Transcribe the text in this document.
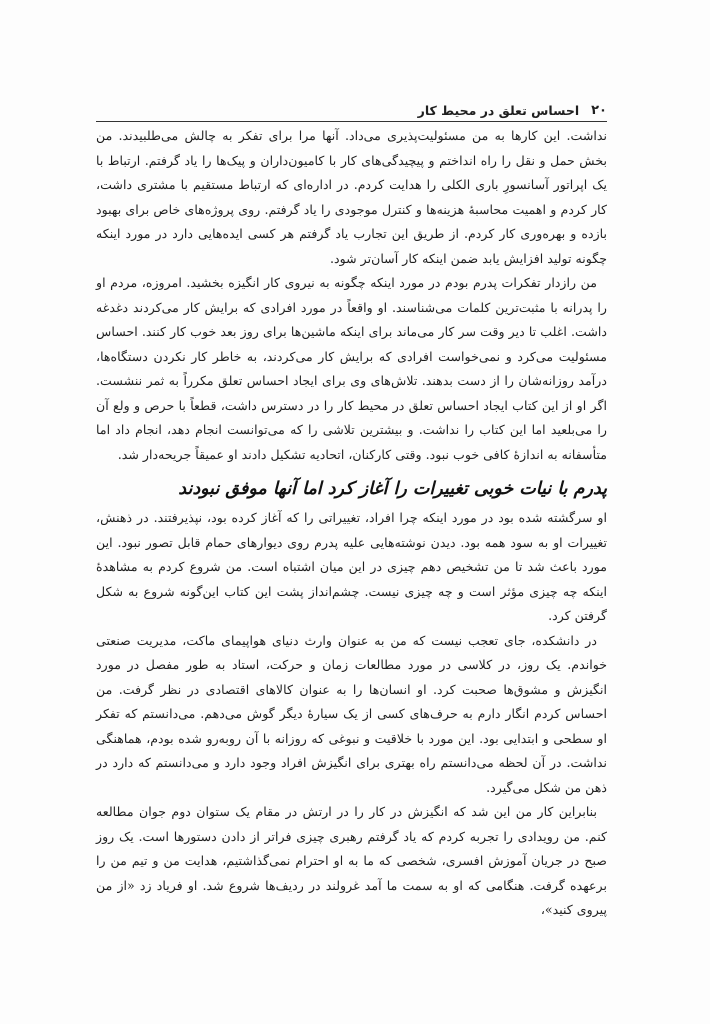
۲۰
احساس تعلق در محیط کار

نداشت. این کارها به من مسئولیت‌پذیری می‌داد. آنها مرا برای تفکر به چالش می‌طلبیدند. من بخش حمل و نقل را راه انداختم و پیچیدگی‌های کار با کامیون‌داران و پیک‌ها را یاد گرفتم. ارتباط با یک اپراتور آسانسورِ باری الکلی را هدایت کردم. در اداره‌ای که ارتباط مستقیم با مشتری داشت، کار کردم و اهمیت محاسبهٔ هزینه‌ها و کنترل موجودی را یاد گرفتم. روی پروژه‌های خاص برای بهبود بازده و بهره‌وری کار کردم. از طریق این تجارب یاد گرفتم هر کسی ایده‌هایی دارد در مورد اینکه چگونه تولید افزایش یابد ضمن اینکه کار آسان‌تر شود.

من رازدار تفکرات پدرم بودم در مورد اینکه چگونه به نیروی کار انگیزه بخشید. امروزه، مردم او را پدرانه با مثبت‌ترین کلمات می‌شناسند. او واقعاً در مورد افرادی که برایش کار می‌کردند دغدغه داشت. اغلب تا دیر وقت سر کار می‌ماند برای اینکه ماشین‌ها برای روز بعد خوب کار کنند. احساس مسئولیت می‌کرد و نمی‌خواست افرادی که برایش کار می‌کردند، به خاطر کار نکردن دستگاه‌ها، درآمد روزانه‌شان را از دست بدهند. تلاش‌های وی برای ایجاد احساس تعلق مکرراً به ثمر ننشست. اگر او از این کتاب ایجاد احساس تعلق در محیط کار را در دسترس داشت، قطعاً با حرص و ولع آن را می‌بلعید اما این کتاب را نداشت. و بیشترین تلاشی را که می‌توانست انجام دهد، انجام داد اما متأسفانه به اندازهٔ کافی خوب نبود. وقتی کارکنان، اتحادیه تشکیل دادند او عمیقاً جریحه‌دار شد.

پدرم با نیات خوبی تغییرات را آغاز کرد اما آنها موفق نبودند

او سرگشته شده بود در مورد اینکه چرا افراد، تغییراتی را که آغاز کرده بود، نپذیرفتند. در ذهنش، تغییرات او به سود همه بود. دیدن نوشته‌هایی علیه پدرم روی دیوارهای حمام قابل تصور نبود. این مورد باعث شد تا من تشخیص دهم چیزی در این میان اشتباه است. من شروع کردم به مشاهدهٔ اینکه چه چیزی مؤثر است و چه چیزی نیست. چشم‌انداز پشت این کتاب این‌گونه شروع به شکل گرفتن کرد.

در دانشکده، جای تعجب نیست که من به عنوان وارث دنیای هواپیمای ماکت، مدیریت صنعتی خواندم. یک روز، در کلاسی در مورد مطالعات زمان و حرکت، استاد به طور مفصل در مورد انگیزش و مشوق‌ها صحبت کرد. او انسان‌ها را به عنوان کالاهای اقتصادی در نظر گرفت. من احساس کردم انگار دارم به حرف‌های کسی از یک سیارهٔ دیگر گوش می‌دهم. می‌دانستم که تفکر او سطحی و ابتدایی بود. این مورد با خلاقیت و نبوغی که روزانه با آن روبه‌رو شده بودم، هماهنگی نداشت. در آن لحظه می‌دانستم راه بهتری برای انگیزش افراد وجود دارد و می‌دانستم که دارد در ذهن من شکل می‌گیرد.

بنابراین کار من این شد که انگیزش در کار را در ارتش در مقام یک ستوان دوم جوان مطالعه کنم. من رویدادی را تجربه کردم که یاد گرفتم رهبری چیزی فراتر از دادن دستورها است. یک روز صبح در جریان آموزش افسری، شخصی که ما به او احترام نمی‌گذاشتیم، هدایت من و تیم من را برعهده گرفت. هنگامی که او به سمت ما آمد غرولند در ردیف‌ها شروع شد. او فریاد زد «از من پیروی کنید»،
